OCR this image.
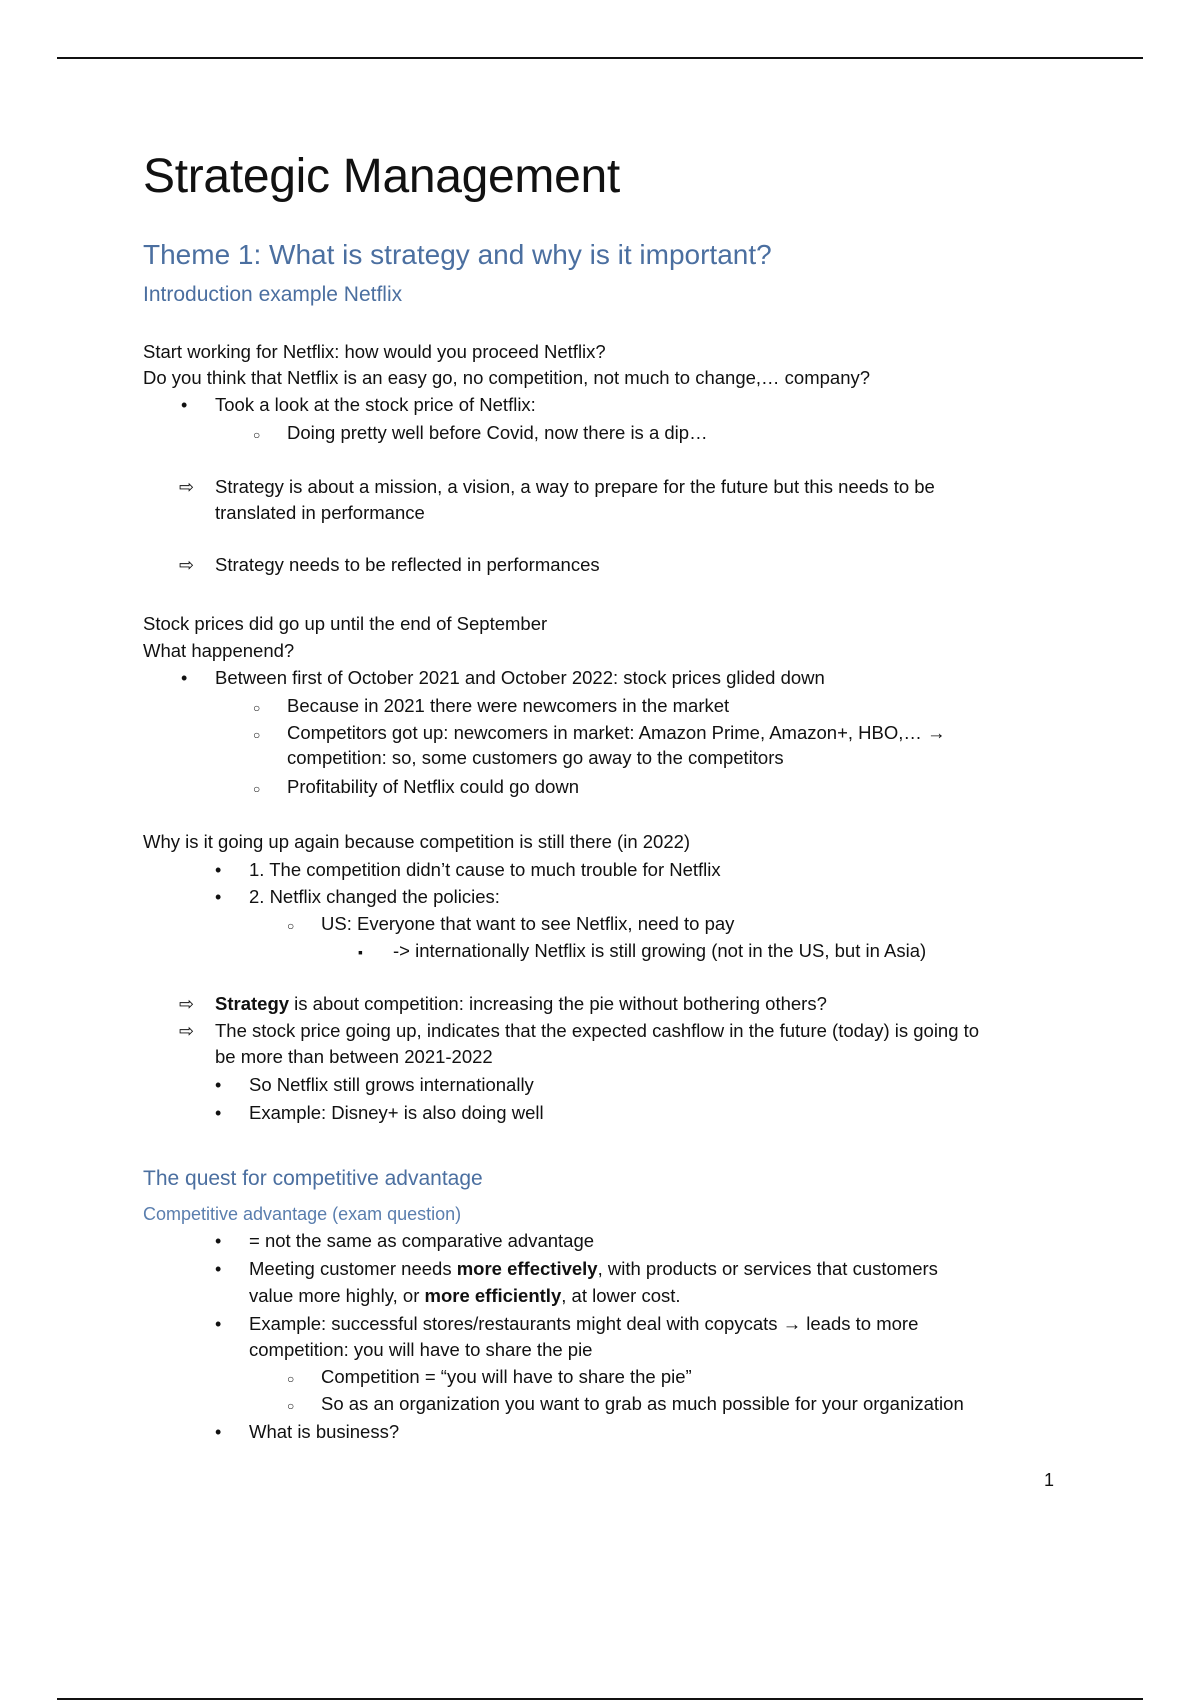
Strategic Management
Theme 1: What is strategy and why is it important?
Introduction example Netflix
Start working for Netflix: how would you proceed Netflix?
Do you think that Netflix is an easy go, no competition, not much to change,… company?
•
Took a look at the stock price of Netflix:
○
Doing pretty well before Covid, now there is a dip…
⇨
Strategy is about a mission, a vision, a way to prepare for the future but this needs to be
translated in performance
⇨
Strategy needs to be reflected in performances
Stock prices did go up until the end of September
What happenend?
•
Between first of October 2021 and October 2022: stock prices glided down
○
Because in 2021 there were newcomers in the market
○
Competitors got up: newcomers in market: Amazon Prime, Amazon+, HBO,… →
competition: so, some customers go away to the competitors
○
Profitability of Netflix could go down
Why is it going up again because competition is still there (in 2022)
•
1. The competition didn’t cause to much trouble for Netflix
•
2. Netflix changed the policies:
○
US: Everyone that want to see Netflix, need to pay
▪
-> internationally Netflix is still growing (not in the US, but in Asia)
⇨
Strategy is about competition: increasing the pie without bothering others?
⇨
The stock price going up, indicates that the expected cashflow in the future (today) is going to
be more than between 2021-2022
•
So Netflix still grows internationally
•
Example: Disney+ is also doing well
The quest for competitive advantage
Competitive advantage (exam question)
•
= not the same as comparative advantage
•
Meeting customer needs more effectively, with products or services that customers
value more highly, or more efficiently, at lower cost.
•
Example: successful stores/restaurants might deal with copycats → leads to more
competition: you will have to share the pie
○
Competition = “you will have to share the pie”
○
So as an organization you want to grab as much possible for your organization
•
What is business?
1
